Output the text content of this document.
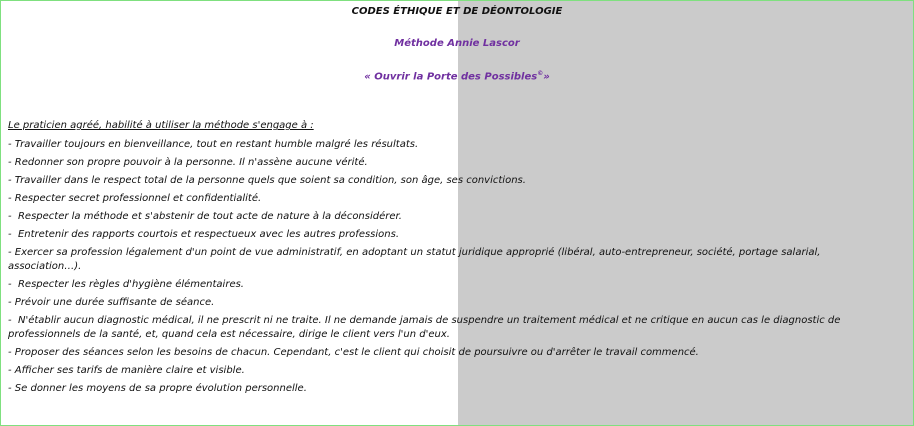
CODES ÉTHIQUE ET DE DÉONTOLOGIE
Méthode Annie Lascor
« Ouvrir la Porte des Possibles©»
Le praticien agréé, habilité à utiliser la méthode s'engage à :
- Travailler toujours en bienveillance, tout en restant humble malgré les résultats.
- Redonner son propre pouvoir à la personne. Il n'assène aucune vérité.
- Travailler dans le respect total de la personne quels que soient sa condition, son âge, ses convictions.
- Respecter secret professionnel et confidentialité.
-  Respecter la méthode et s'abstenir de tout acte de nature à la déconsidérer.
-  Entretenir des rapports courtois et respectueux avec les autres professions.
- Exercer sa profession légalement d'un point de vue administratif, en adoptant un statut juridique approprié (libéral, auto-entrepreneur, société, portage salarial, association…).
-  Respecter les règles d'hygiène élémentaires.
- Prévoir une durée suffisante de séance.
-  N'établir aucun diagnostic médical, il ne prescrit ni ne traite. Il ne demande jamais de suspendre un traitement médical et ne critique en aucun cas le diagnostic de professionnels de la santé, et, quand cela est nécessaire, dirige le client vers l'un d'eux.
- Proposer des séances selon les besoins de chacun. Cependant, c'est le client qui choisit de poursuivre ou d'arrêter le travail commencé.
- Afficher ses tarifs de manière claire et visible.
- Se donner les moyens de sa propre évolution personnelle.
